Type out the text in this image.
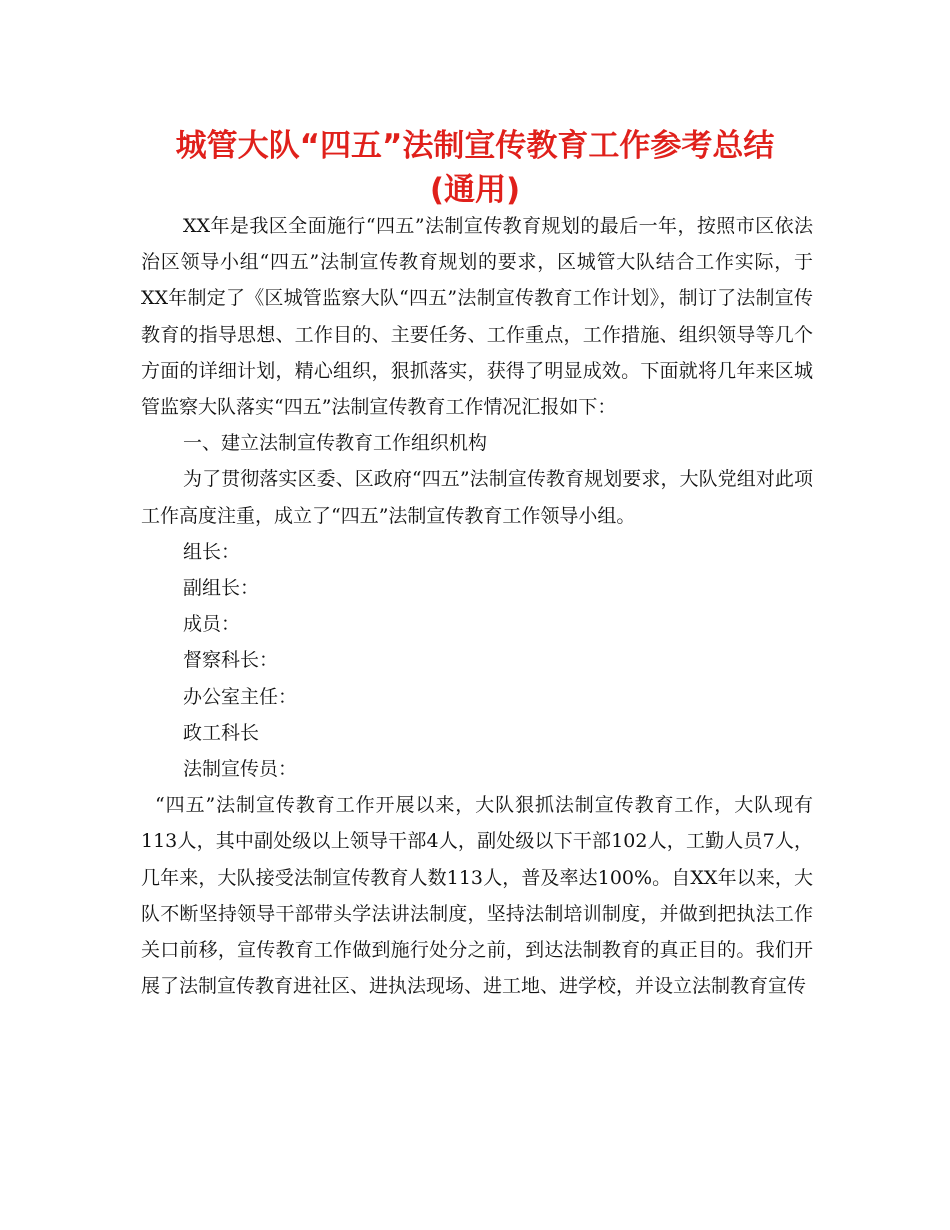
城管大队“四五”法制宣传教育工作参考总结
(通用)

XX年是我区全面施行“四五”法制宣传教育规划的最后一年，按照市区依法治区领导小组“四五”法制宣传教育规划的要求，区城管大队结合工作实际，于XX年制定了《区城管监察大队“四五”法制宣传教育工作计划》，制订了法制宣传教育的指导思想、工作目的、主要任务、工作重点，工作措施、组织领导等几个方面的详细计划，精心组织，狠抓落实，获得了明显成效。下面就将几年来区城管监察大队落实“四五”法制宣传教育工作情况汇报如下：

一、建立法制宣传教育工作组织机构

为了贯彻落实区委、区政府“四五”法制宣传教育规划要求，大队党组对此项工作高度注重，成立了“四五”法制宣传教育工作领导小组。

组长：

副组长：

成员：

督察科长：

办公室主任：

政工科长

法制宣传员：

“四五”法制宣传教育工作开展以来，大队狠抓法制宣传教育工作，大队现有113人，其中副处级以上领导干部4人，副处级以下干部102人，工勤人员7人，几年来，大队接受法制宣传教育人数113人，普及率达100%。自XX年以来，大队不断坚持领导干部带头学法讲法制度，坚持法制培训制度，并做到把执法工作关口前移，宣传教育工作做到施行处分之前，到达法制教育的真正目的。我们开展了法制宣传教育进社区、进执法现场、进工地、进学校，并设立法制教育宣传
